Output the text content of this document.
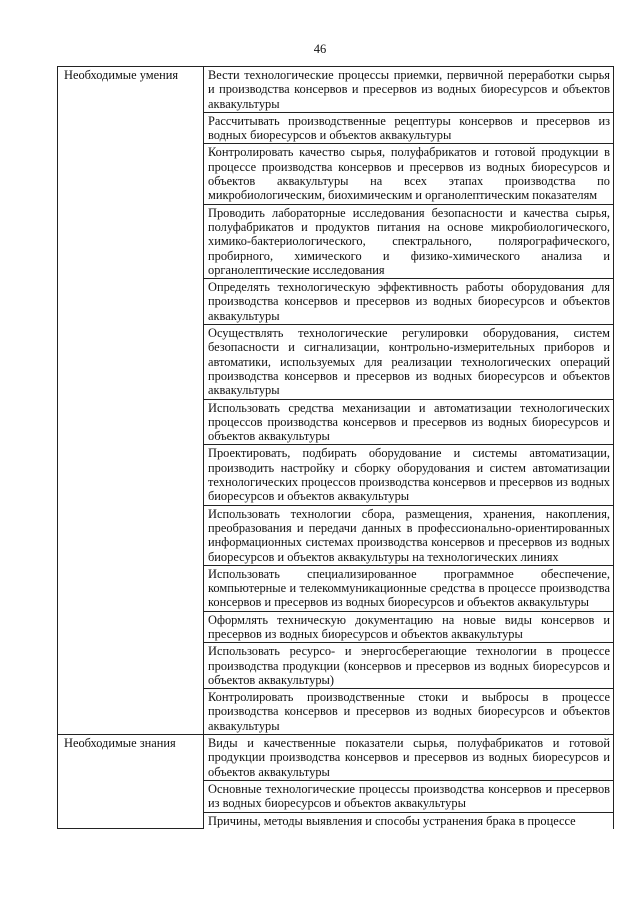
46
Необходимые умения	Вести технологические процессы приемки, первичной переработки сырья и производства консервов и пресервов из водных биоресурсов и объектов аквакультуры

	Рассчитывать производственные рецептуры консервов и пресервов из водных биоресурсов и объектов аквакультуры

	Контролировать качество сырья, полуфабрикатов и готовой продукции в процессе производства консервов и пресервов из водных биоресурсов и объектов аквакультуры на всех этапах производства по микробиологическим, биохимическим и органолептическим показателям

	Проводить лабораторные исследования безопасности и качества сырья, полуфабрикатов и продуктов питания на основе микробиологического, химико-бактериологического, спектрального, полярографического, пробирного, химического и физико-химического анализа и органолептические исследования

	Определять технологическую эффективность работы оборудования для производства консервов и пресервов из водных биоресурсов и объектов аквакультуры

	Осуществлять технологические регулировки оборудования, систем безопасности и сигнализации, контрольно-измерительных приборов и автоматики, используемых для реализации технологических операций производства консервов и пресервов из водных биоресурсов и объектов аквакультуры

	Использовать средства механизации и автоматизации технологических процессов производства консервов и пресервов из водных биоресурсов и объектов аквакультуры

	Проектировать, подбирать оборудование и системы автоматизации, производить настройку и сборку оборудования и систем автоматизации технологических процессов производства консервов и пресервов из водных биоресурсов и объектов аквакультуры

	Использовать технологии сбора, размещения, хранения, накопления, преобразования и передачи данных в профессионально-ориентированных информационных системах производства консервов и пресервов из водных биоресурсов и объектов аквакультуры на технологических линиях

	Использовать специализированное программное обеспечение, компьютерные и телекоммуникационные средства в процессе производства консервов и пресервов из водных биоресурсов и объектов аквакультуры

	Оформлять техническую документацию на новые виды консервов и пресервов из водных биоресурсов и объектов аквакультуры

	Использовать ресурсо- и энергосберегающие технологии в процессе производства продукции (консервов и пресервов из водных биоресурсов и объектов аквакультуры)

	Контролировать производственные стоки и выбросы в процессе производства консервов и пресервов из водных биоресурсов и объектов аквакультуры

Необходимые знания	Виды и качественные показатели сырья, полуфабрикатов и готовой продукции производства консервов и пресервов из водных биоресурсов и объектов аквакультуры

	Основные технологические процессы производства консервов и пресервов из водных биоресурсов и объектов аквакультуры

	Причины, методы выявления и способы устранения брака в процессе
